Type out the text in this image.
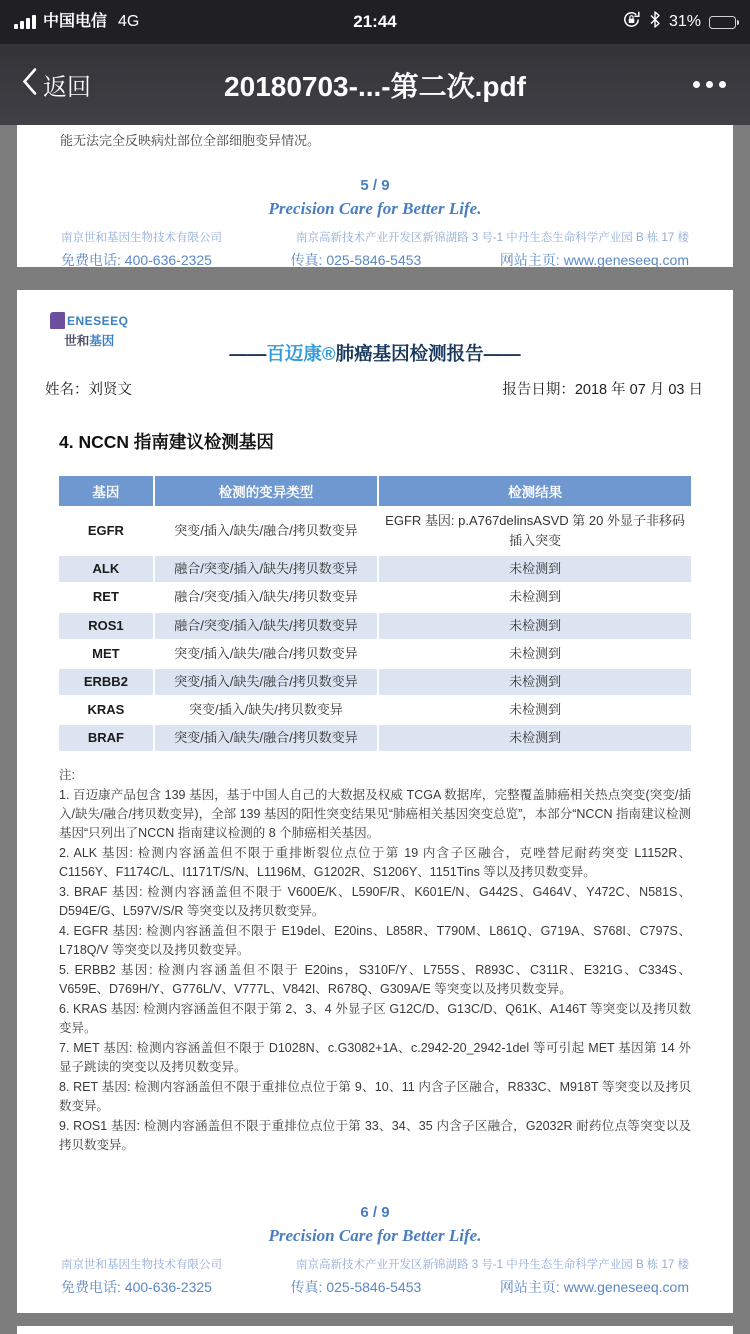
中国电信 4G	21:44	31%
返回	20180703-...-第二次.pdf
能无法完全反映病灶部位全部细胞变异情况。
5 / 9
Precision Care for Better Life.
南京世和基因生物技术有限公司	南京高新技术产业开发区新锦湖路 3 号-1 中丹生态生命科学产业园 B 栋 17 楼
免费电话: 400-636-2325	传真: 025-5846-5453	网站主页: www.geneseeq.com
ENESEEQ
世和基因
——百迈康®肺癌基因检测报告——
姓名：刘贤文	报告日期：2018 年 07 月 03 日
4. NCCN 指南建议检测基因
基因	检测的变异类型	检测结果
EGFR	突变/插入/缺失/融合/拷贝数变异	EGFR 基因: p.A767delinsASVD 第 20 外显子非移码插入突变
ALK	融合/突变/插入/缺失/拷贝数变异	未检测到
RET	融合/突变/插入/缺失/拷贝数变异	未检测到
ROS1	融合/突变/插入/缺失/拷贝数变异	未检测到
MET	突变/插入/缺失/融合/拷贝数变异	未检测到
ERBB2	突变/插入/缺失/融合/拷贝数变异	未检测到
KRAS	突变/插入/缺失/拷贝数变异	未检测到
BRAF	突变/插入/缺失/融合/拷贝数变异	未检测到

注:

1. 百迈康产品包含 139 基因，基于中国人自己的大数据及权威 TCGA 数据库，完整覆盖肺癌相关热点突变(突变/插入/缺失/融合/拷贝数变异)，全部 139 基因的阳性突变结果见“肺癌相关基因突变总览”，本部分“NCCN 指南建议检测基因“只列出了NCCN 指南建议检测的 8 个肺癌相关基因。

2. ALK 基因: 检测内容涵盖但不限于重排断裂位点位于第 19 内含子区融合，克唑替尼耐药突变 L1152R、C1156Y、F1174C/L、I1171T/S/N、L1196M、G1202R、S1206Y、1151Tins 等以及拷贝数变异。

3. BRAF 基因: 检测内容涵盖但不限于 V600E/K、L590F/R、K601E/N、G442S、G464V、Y472C、N581S、D594E/G、L597V/S/R 等突变以及拷贝数变异。

4. EGFR 基因: 检测内容涵盖但不限于 E19del、E20ins、L858R、T790M、L861Q、G719A、S768I、C797S、L718Q/V 等突变以及拷贝数变异。

5. ERBB2 基因: 检测内容涵盖但不限于 E20ins，S310F/Y、L755S、R893C、C311R、E321G、C334S、V659E、D769H/Y、G776L/V、V777L、V842I、R678Q、G309A/E 等突变以及拷贝数变异。

6. KRAS 基因: 检测内容涵盖但不限于第 2、3、4 外显子区 G12C/D、G13C/D、Q61K、A146T 等突变以及拷贝数变异。

7. MET 基因: 检测内容涵盖但不限于 D1028N、c.G3082+1A、c.2942-20_2942-1del 等可引起 MET 基因第 14 外显子跳读的突变以及拷贝数变异。

8. RET 基因: 检测内容涵盖但不限于重排位点位于第 9、10、11 内含子区融合，R833C、M918T 等突变以及拷贝数变异。

9. ROS1 基因: 检测内容涵盖但不限于重排位点位于第 33、34、35 内含子区融合，G2032R 耐药位点等突变以及拷贝数变异。

6 / 9
Precision Care for Better Life.
南京世和基因生物技术有限公司	南京高新技术产业开发区新锦湖路 3 号-1 中丹生态生命科学产业园 B 栋 17 楼
免费电话: 400-636-2325	传真: 025-5846-5453	网站主页: www.geneseeq.com
